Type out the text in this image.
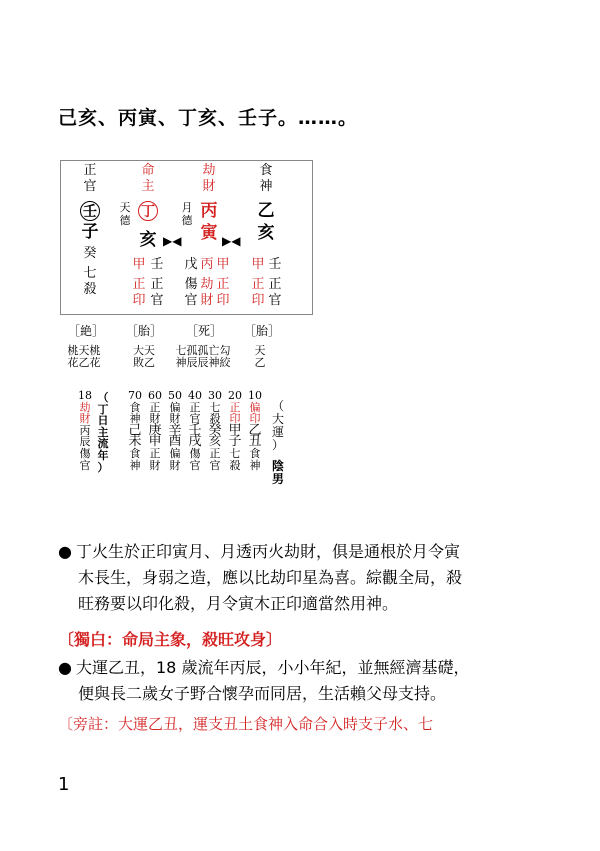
己亥、丙寅、丁亥、壬子。……。
正
官
壬
子
癸
七
殺
命
主
丁
天
德
亥
甲
正
印
壬
正
官
劫
財
丙
寅
月
德
戊
傷
官
丙
劫
財
甲
正
印
食
神
乙
亥
甲
正
印
壬
正
官
▶◀	▶◀
［絶］ ［胎］ ［死］ ［胎］
桃天桃
花乙花
大天
敗乙
七孤孤亡勾
神辰辰神絞
天
乙
（
大
運
）
陰
男
10
偏
印
乙
丑
食
神
20
正
印
甲
子
七
殺
30
七
殺
癸
亥
正
官
40
正
官
壬
戌
傷
官
50
偏
財
辛
酉
偏
財
60
正
財
庚
申
正
財
70
食
神
己
未
食
神
（
丁
日
主
流
年
）
18
劫
財
丙
辰
傷
官
● 丁火生於正印寅月、月透丙火劫財，俱是通根於月令寅
木長生，身弱之造，應以比劫印星為喜。綜觀全局，殺
旺務要以印化殺，月令寅木正印適當然用神。
〔獨白：命局主象，殺旺攻身〕
● 大運乙丑，18 歲流年丙辰，小小年紀，並無經濟基礎，
便與長二歲女子野合懷孕而同居，生活賴父母支持。
〔旁註：大運乙丑，運支丑土食神入命合入時支子水、七
1
